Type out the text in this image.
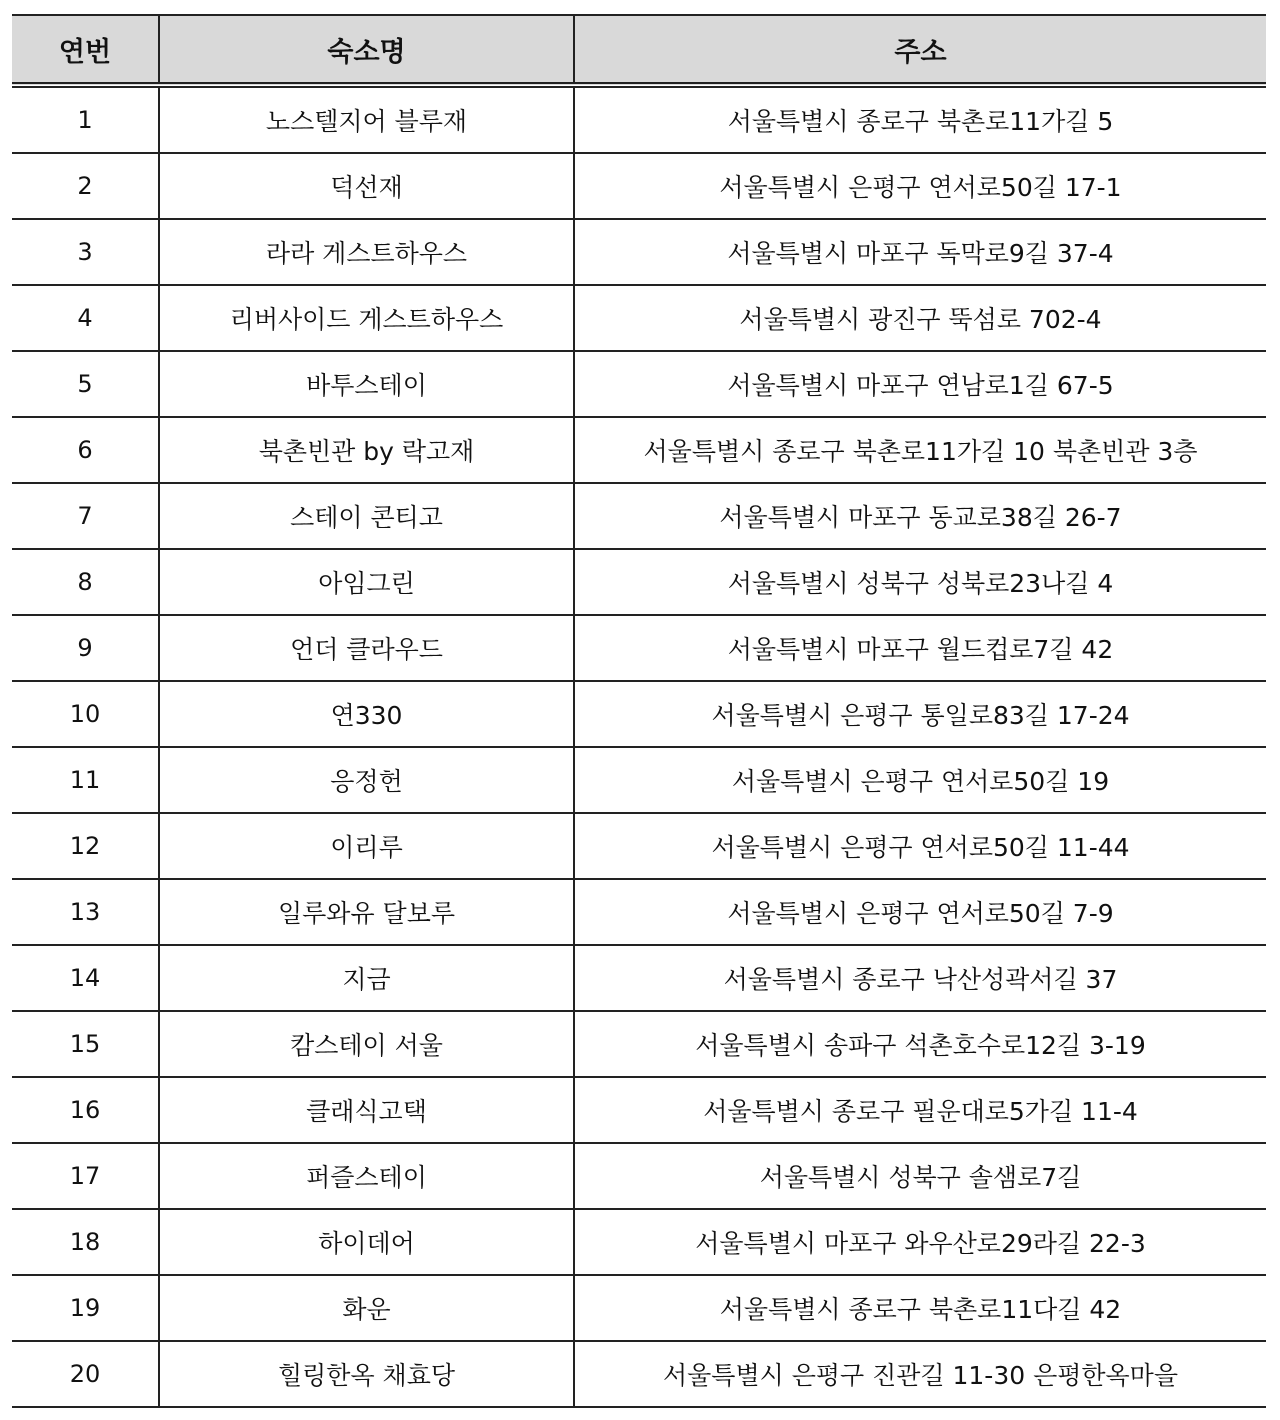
연번	숙소명	주소
1	노스텔지어 블루재	서울특별시 종로구 북촌로11가길 5
2	덕선재	서울특별시 은평구 연서로50길 17-1
3	라라 게스트하우스	서울특별시 마포구 독막로9길 37-4
4	리버사이드 게스트하우스	서울특별시 광진구 뚝섬로 702-4
5	바투스테이	서울특별시 마포구 연남로1길 67-5
6	북촌빈관 by 락고재	서울특별시 종로구 북촌로11가길 10 북촌빈관 3층
7	스테이 콘티고	서울특별시 마포구 동교로38길 26-7
8	아임그린	서울특별시 성북구 성북로23나길 4
9	언더 클라우드	서울특별시 마포구 월드컵로7길 42
10	연330	서울특별시 은평구 통일로83길 17-24
11	응정헌	서울특별시 은평구 연서로50길 19
12	이리루	서울특별시 은평구 연서로50길 11-44
13	일루와유 달보루	서울특별시 은평구 연서로50길 7-9
14	지금	서울특별시 종로구 낙산성곽서길 37
15	캄스테이 서울	서울특별시 송파구 석촌호수로12길 3-19
16	클래식고택	서울특별시 종로구 필운대로5가길 11-4
17	퍼즐스테이	서울특별시 성북구 솔샘로7길
18	하이데어	서울특별시 마포구 와우산로29라길 22-3
19	화운	서울특별시 종로구 북촌로11다길 42
20	힐링한옥 채효당	서울특별시 은평구 진관길 11-30 은평한옥마을
